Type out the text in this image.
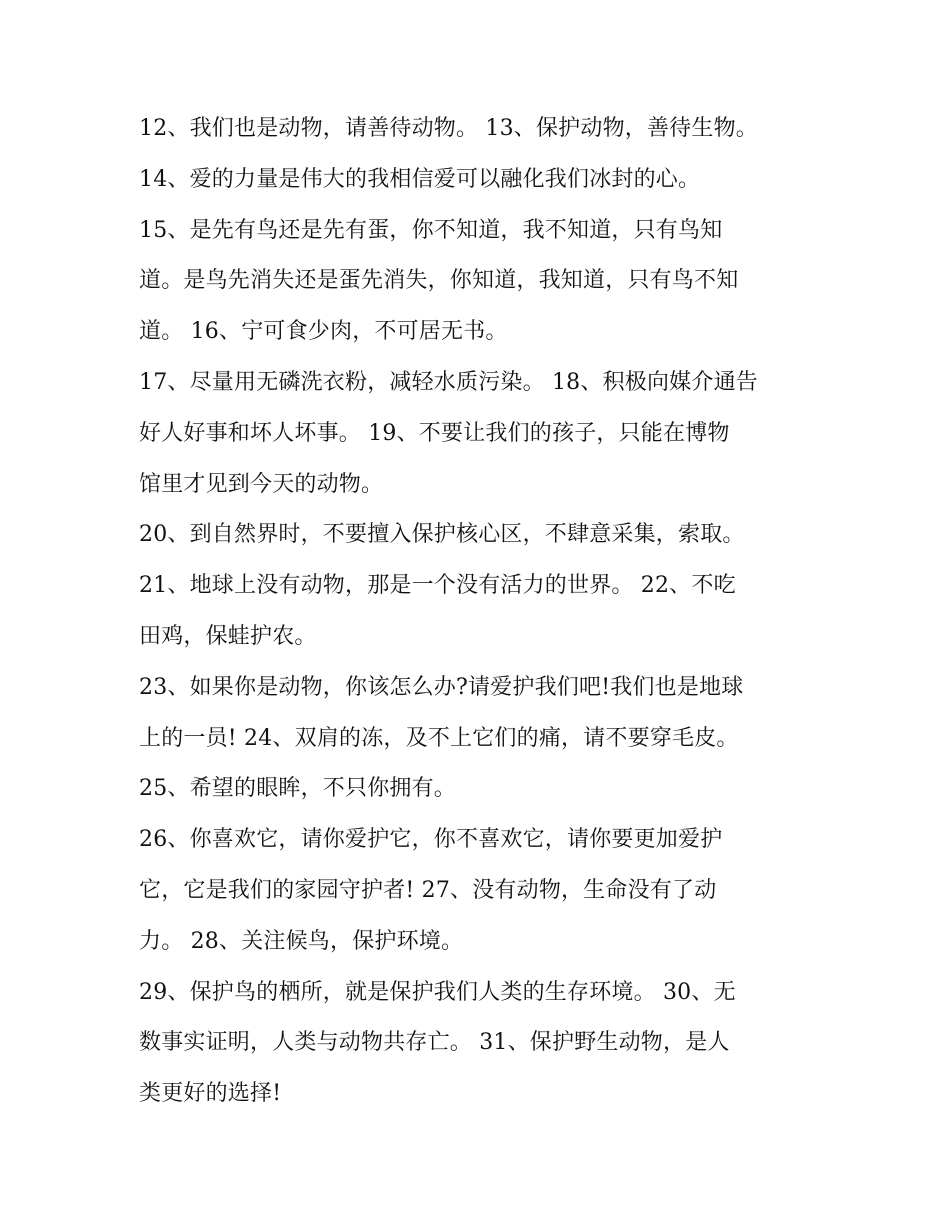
12、我们也是动物，请善待动物。 13、保护动物，善待生物。
14、爱的力量是伟大的我相信爱可以融化我们冰封的心。
15、是先有鸟还是先有蛋，你不知道，我不知道，只有鸟知
道。是鸟先消失还是蛋先消失，你知道，我知道，只有鸟不知
道。 16、宁可食少肉，不可居无书。
17、尽量用无磷洗衣粉，减轻水质污染。 18、积极向媒介通告
好人好事和坏人坏事。 19、不要让我们的孩子，只能在博物
馆里才见到今天的动物。
20、到自然界时，不要擅入保护核心区，不肆意采集，索取。
21、地球上没有动物，那是一个没有活力的世界。 22、不吃
田鸡，保蛙护农。
23、如果你是动物，你该怎么办?请爱护我们吧!我们也是地球
上的一员! 24、双肩的冻，及不上它们的痛，请不要穿毛皮。
25、希望的眼眸，不只你拥有。
26、你喜欢它，请你爱护它，你不喜欢它，请你要更加爱护
它，它是我们的家园守护者! 27、没有动物，生命没有了动
力。 28、关注候鸟，保护环境。
29、保护鸟的栖所，就是保护我们人类的生存环境。 30、无
数事实证明，人类与动物共存亡。 31、保护野生动物，是人
类更好的选择!
